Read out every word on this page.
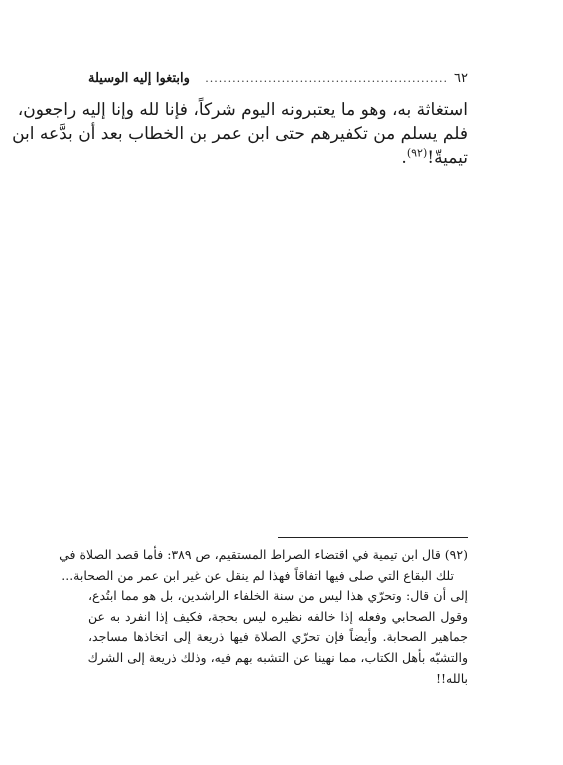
٦٢
......................................................
وابتغوا إليه الوسيلة
استغاثة به، وهو ما يعتبرونه اليوم شركاً، فإنا لله وإنا إليه راجعون،
فلم يسلم من تكفيرهم حتى ابن عمر بن الخطاب بعد أن بدَّعه ابن
تيميةّ!$^{(٩٢)}$.
(٩٢) قال ابن تيمية في اقتضاء الصراط المستقيم، ص ٣٨٩: فأما قصد الصلاة في
تلك البقاع التي صلى فيها اتفاقاً فهذا لم ينقل عن غير ابن عمر من الصحابة...
إلى أن قال: وتحرّي هذا ليس من سنة الخلفاء الراشدين، بل هو مما ابتُدع،
وقول الصحابي وفعله إذا خالفه نظيره ليس بحجة، فكيف إذا انفرد به عن
جماهير الصحابة. وأيضاً فإن تحرّي الصلاة فيها ذريعة إلى اتخاذها مساجد،
والتشبّه بأهل الكتاب، مما نهينا عن التشبه بهم فيه، وذلك ذريعة إلى الشرك
بالله!!
